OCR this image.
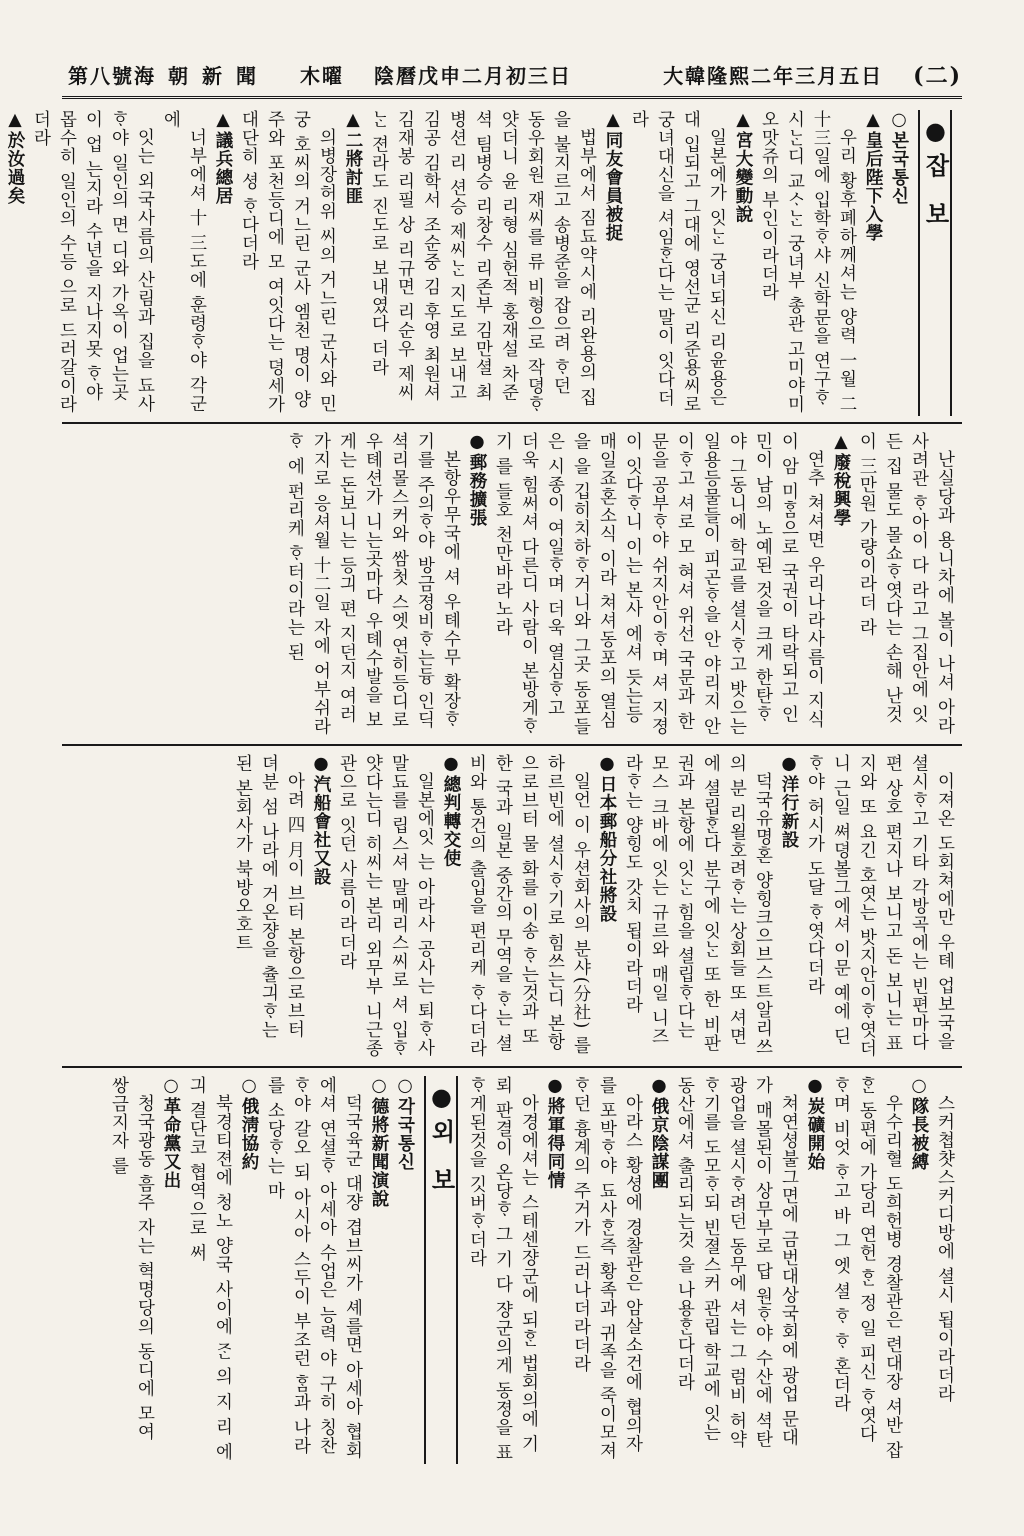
(二)
大韓隆熙二年三月五日
陰曆戊申二月初三日
木曜
海朝新聞
第八號
●잡 보
○본국통신
▲皇后陛下入學

우리 황후폐하께셔는 양력 一월 二十三일에 입학ᄒᆞ샤 신학문을 연구ᄒᆞ시ᄂᆞᆫ디 교ᄉᆞᄂᆞᆫ 궁녀부 총관 고미야미오맛쥬의 부인이라더라

▲宮大變動說

일본에가 잇ᄂᆞᆫ 궁녀되신 리윤용은 대 입되고 그대에 영선군 리준용씨로 궁녀대신을 셔임ᄒᆞᆫ다는 말이 잇다더라

▲同友會員被捉

법부에서 짐됴약시에 리완용의 집을 불지르고 송병준을 잡으려 ᄒᆞ던 동우회원 재씨를 류 비형으로 작뎡ᄒᆞ얏더니 윤 리형 심헌적 홍재설 차준셕 팀병승 리창수 리존부 김만셜 최병션 리 션승 제씨ᄂᆞᆫ 지도로 보내고 김공 김학서 조순중 김 후영 최원셔 김재봉 리필 상 리규면 리순우 제씨ᄂᆞᆫ 젼라도 진도로 보내였다 더라

▲二將討匪

의병장허위 씨의 거느린 군사와 민궁 호씨의 거느린 군사 엠천 명이 양주와 포천등디에 모 여잇다는 뎡세가 대단히 셩 ᄒᆞ다더라

▲議兵總居

너부에셔 十 三도에 훈령ᄒᆞ야 각군에

잇는 외국사름의 산림과 집을 됴사ᄒᆞ야 일인의 면 디와 가옥이 업는곳이 업 는지라 수년을 지나지못 ᄒᆞ야 몹수히 일인의 수등 으로 드러갈이라더라

▲於汝過矣

난실당과 용니차에 볼이 나셔 아라사려관 ᄒᆞ아이 다 라고 그집안에 잇든 집 물도 몰쇼ᄒᆞ엿다는 손해 난것이 三만원 가량이라더 라

▲廢稅興學

연추 쳐셔면 우리나라사름이 지식이 암 미ᄒᆞᆷ으로 국권이 타락되고 인민이 남의 노예된 것을 크게 한탄ᄒᆞ야 그동니에 학교를 셜시ᄒᆞ고 밧으는 일용등물들이 피곤ᄒᆞ을 안 야리지 안이ᄒᆞ고 셔로 모 혀셔 위선 국문과 한문을 공부ᄒᆞ야 쉬지안이ᄒᆞ며 셔 지졍이 잇다ᄒᆞ니 이는 본사 에셔 듯는등 매일죠혼소식 이라 쳐셔동포의 열심을 을 깁히치하ᄒᆞ거니와 그곳 동포들은 시종이 여일ᄒᆞ며 더욱 열심ᄒᆞ고 더욱 힘써셔 다른디 사람이 본방게ᄒᆞ기 를 들호 천만바라노라

●郵務擴張

본항우무국에 셔 우톄수무 확장ᄒᆞ기를 주의ᄒᆞ야 방금졍비ᄒᆞ는듕 인딕 셕리몰스커와 쌈첫 스엣 연히등디로 우톄션가 니는곳마다 우톄수발을 보 게는 돈보니는 등긔 편 지던지 여러가지로 응셔월 十二일 자에 어부쉬라ᄒᆞ 에 펀리케 ᄒᆞ터이라는 된

이져온 도회쳐에만 우톄 업보국을 셜시ᄒᆞ고 기타 각방곡에는 빈편마다 편 상호 편지나 보니고 돈 보니는 표지와 또 요긴 호엿는 밧지안이ᄒᆞ엿더니 근일 쎠뎡볼그에셔 이문 예에 딘ᄒᆞ야 허시가 도달 ᄒᆞ엿다더라

●洋行新設

덕국유명혼 양힝크으브스트알리쓰의 분 리욀호려ᄒᆞ는 상회들 또 셔면에 셜립ᄒᆞᆫ다 분구에 잇ᄂᆞᆫ 또 한 비판권과 본항에 잇ᄂᆞᆫ 힘을 셜립ᄒᆞ다는 모스 크바에 잇는 규르와 매일 니즈라ᄒᆞ는 양힝도 갓치 됩이라더라

●日本郵船分社將設

일언 이 우션회사의 분샤(分社) 를 하르빈에 셜시ᄒᆞ기로 힘쓰는디 본항으로브터 물 화를 이송 ᄒᆞ는것과 또한 국과 일본 중간의 무역을 ᄒᆞ는 셜비와 통건의 출입을 편리케 ᄒᆞ다더라

●總判轉交使

일본에잇 는 아라사 공사는 퇴ᄒᆞ사 말됴를 립스셔 말메리스씨로 셔 입ᄒᆞ얏다는디 히씨는 본리 외무부 니근종관으로 잇던 사름이라더라

●汽船會社又設

아려 四 月이 브터 본항으로브터 뎌분 섬 나라에 거온쟝을 츌긔ᄒᆞ는 된 본회사가 북방오호트

스커쳡챳스커디방에 셜시 됩이라더라

○隊長被縛

우수리혈 도희헌병 경찰관은 련대장 셔반 잡ᄒᆞᆫ 동편에 가당리 연헌 ᄒᆞᆫ 정 일 피신 ᄒᆞ엿다 ᄒᆞ며 비엇 ᄒᆞ고 바 그 엣 셜 ᄒᆞ ᄒᆞ 혼더라

●炭礦開始

쳐연셩불그면에 금번대상국회에 광업 문대 가 매몰된이 상무부로 답 원ᄒᆞ야 수산에 셕탄광업을 셜시ᄒᆞ려던 동무에 셔는 그 럼비 허약 ᄒᆞ기를 도모ᄒᆞ되 빈졀스커 관립 학교에 잇는 동산에셔 출리되는것 을 나용ᄒᆞᆫ다더라

●俄京陰謀團

아라스 황셩에 경찰관은 암살소건에 협의자를 포박ᄒᆞ야 됴사ᄒᆞᆫ즉 황족과 귀족을 죽이모져 ᄒᆞ던 흉계의 주거가 드러나더라더라

●將軍得同情

아경에셔는 스테센쟝군에 되ᄒᆞᆫ 법회의에 기뢰 판결이 온당ᄒᆞ 그 기 다 쟝군의게 동졍을 표ᄒᆞ게된것을 깃버ᄒᆞ더라

●외 보
○각국통신
○德將新聞演說

덕국육군 대쟝 겹브씨가 셰를면 아세아 협회에셔 연셜ᄒᆞ 아세아 수업은 능력 야 구히 칭찬ᄒᆞ야 갈오 되 아시아 스두이 부조런 ᄒᆞᆷ과 나라를 소당ᄒᆞ는 마

○俄淸協約

북경티젼에 청노 양국 사이에 ᄌᆞᆫ 의 지 리 에 긔 결단코 협역으로 써

○革命黨又出

청국광동 흠주 자는 혁명당의 동디에 모여 쌍금지자 를
